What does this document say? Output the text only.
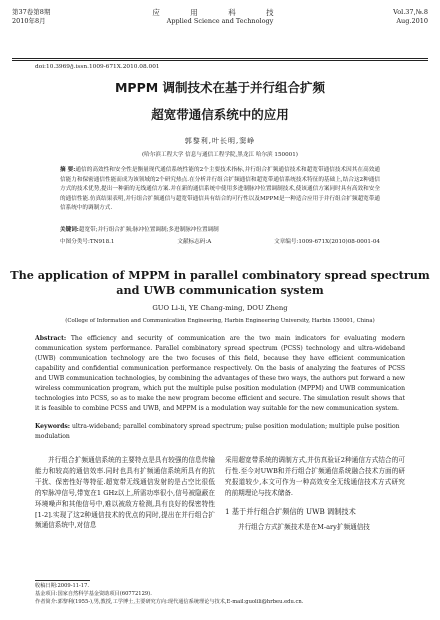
第37卷第8期
2010年8月
应 用 科 技
Applied Science and Technology
Vol.37,№.8
Aug.2010
doi:10.3969/j.issn.1009-671X.2010.08.001
MPPM 调制技术在基于并行组合扩频
超宽带通信系统中的应用
郭黎利,叶长明,窦峥
(哈尔滨工程大学 信息与通信工程学院,黑龙江 哈尔滨 150001)
摘 要:通信的高效性和安全性是衡量现代通信系统性能的2个主要技术指标,并行组合扩频通信技术和超宽带通信技术因其在高效通信能力和保密通信性能而成为该领域的2个研究热点.在分析并行组合扩频通信和超宽带通信系统技术特征的基础上,结合这2种通信方式的技术优势,提出一种新的无线通信方案.并在新的通信系统中使用多进制脉冲位置调制技术,使该通信方案同时具有高效和安全的通信性能.仿真结果表明,并行组合扩频通信与超宽带通信具有结合的可行性以及MPPM是一种适合应用于并行组合扩频超宽带通信系统中的调制方式.
关键词:超宽带;并行组合扩频;脉冲位置调制;多进制脉冲位置调制
中图分类号:TN918.1	文献标志码:A	文章编号:1009-671X(2010)08-0001-04
The application of MPPM in parallel combinatory spread spectrum
and UWB communication system
GUO Li-li, YE Chang-ming, DOU Zheng
(College of Information and Communication Engineering, Harbin Engineering University, Harbin 150001, China)
Abstract: The efficiency and security of communication are the two main indicators for evaluating modern communication system performance. Parallel combinatory spread spectrum (PCSS) technology and ultra-wideband (UWB) communication technology are the two focuses of this field, because they have efficient communication capability and confidential communication performance respectively. On the basis of analyzing the features of PCSS and UWB communication technologies, by combining the advantages of these two ways, the authors put forward a new wireless communication program, which put the multiple pulse position modulation (MPPM) and UWB communication technologies into PCSS, so as to make the new program become efficient and secure. The simulation result shows that it is feasible to combine PCSS and UWB, and MPPM is a modulation way suitable for the new communication system.
Keywords: ultra-wideband; parallel combinatory spread spectrum; pulse position modulation; multiple pulse position modulation
并行组合扩频通信系统的主要特点是具有较强的信息传输能力和较高的通信效率.同时也具有扩频通信系统所具有的抗干扰、保密性好等特征.超宽带无线通信发射的是占空比很低的窄脉冲信号,带宽在1 GHz以上,所需功率很小,信号被隐蔽在环境噪声和其他信号中,难以被敌方检测,具有良好的保密特性[1-2].实现了这2种通信技术的优点的同时,提出在并行组合扩频通信系统中,对信息
采用超宽带系统的调制方式,并仿真验证2种通信方式结合的可行性.至今对UWB和并行组合扩频通信系统融合技术方面的研究报道较少,本文可作为一种高效安全无线通信技术方式研究的前期理论与技术储备.
1 基于并行组合扩频信的 UWB 调制技术
并行组合方式扩频技术是在M-ary扩频通信技
收稿日期:2009-11-17.
基金项目:国家自然科学基金资助项目(60772129).
作者简介:郭黎利(1955-),男,教授,工学博士,主要研究方向:现代通信系统理论与技术,E-mail:guolili@hrbeu.edu.cn.
